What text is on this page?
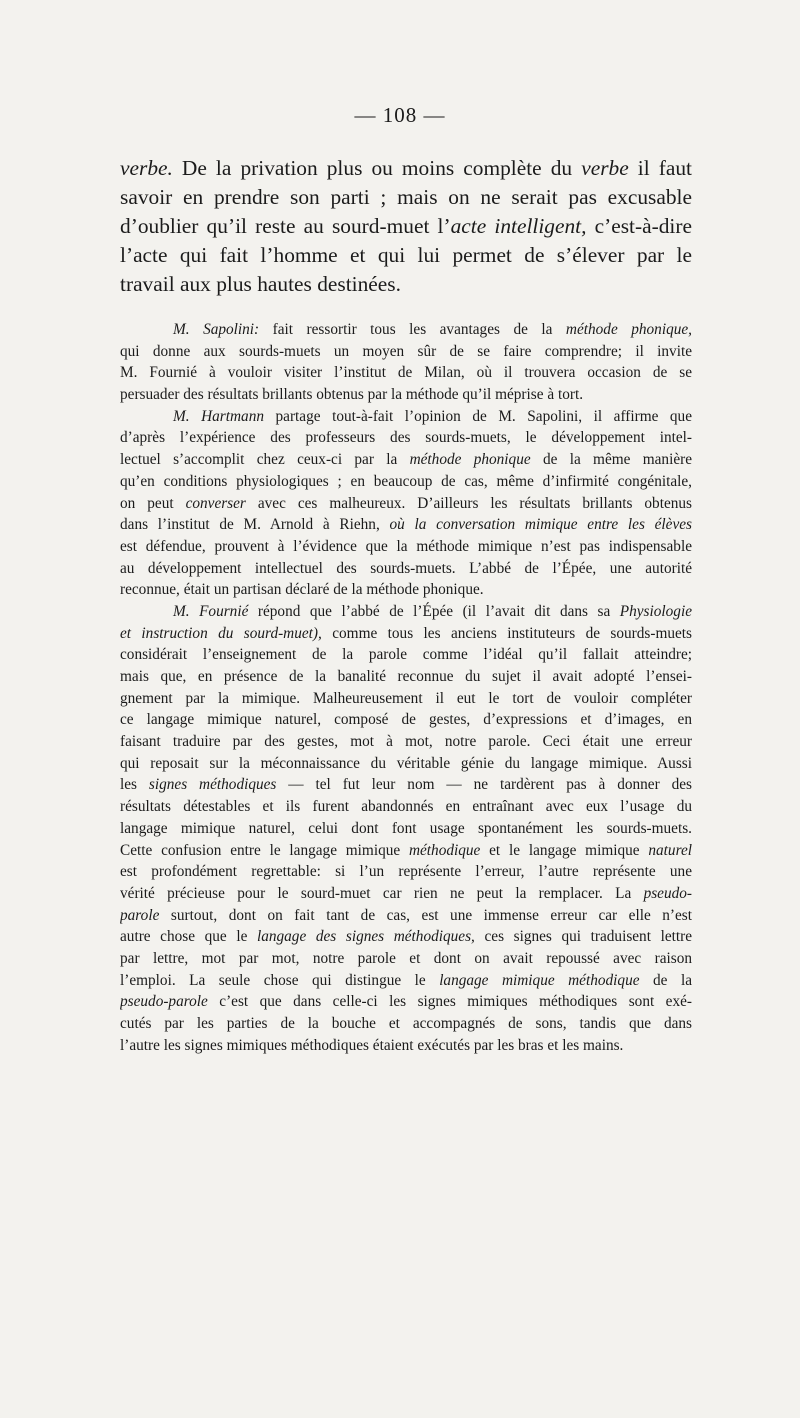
— 108 —

verbe. De la privation plus ou moins complète du verbe il faut
savoir en prendre son parti ; mais on ne serait pas excusable
d’oublier qu’il reste au sourd-muet l’acte intelligent, c’est-à-dire
l’acte qui fait l’homme et qui lui permet de s’élever par le
travail aux plus hautes destinées.

M. Sapolini: fait ressortir tous les avantages de la méthode phonique,
qui donne aux sourds-muets un moyen sûr de se faire comprendre; il invite
M. Fournié à vouloir visiter l’institut de Milan, où il trouvera occasion de se
persuader des résultats brillants obtenus par la méthode qu’il méprise à tort.
M. Hartmann partage tout-à-fait l’opinion de M. Sapolini, il affirme que
d’après l’expérience des professeurs des sourds-muets, le développement intel-
lectuel s’accomplit chez ceux-ci par la méthode phonique de la même manière
qu’en conditions physiologiques ; en beaucoup de cas, même d’infirmité congénitale,
on peut converser avec ces malheureux. D’ailleurs les résultats brillants obtenus
dans l’institut de M. Arnold à Riehn, où la conversation mimique entre les élèves
est défendue, prouvent à l’évidence que la méthode mimique n’est pas indispensable
au développement intellectuel des sourds-muets. L’abbé de l’Épée, une autorité
reconnue, était un partisan déclaré de la méthode phonique.
M. Fournié répond que l’abbé de l’Épée (il l’avait dit dans sa Physiologie
et instruction du sourd-muet), comme tous les anciens instituteurs de sourds-muets
considérait l’enseignement de la parole comme l’idéal qu’il fallait atteindre;
mais que, en présence de la banalité reconnue du sujet il avait adopté l’ensei-
gnement par la mimique. Malheureusement il eut le tort de vouloir compléter
ce langage mimique naturel, composé de gestes, d’expressions et d’images, en
faisant traduire par des gestes, mot à mot, notre parole. Ceci était une erreur
qui reposait sur la méconnaissance du véritable génie du langage mimique. Aussi
les signes méthodiques — tel fut leur nom — ne tardèrent pas à donner des
résultats détestables et ils furent abandonnés en entraînant avec eux l’usage du
langage mimique naturel, celui dont font usage spontanément les sourds-muets.
Cette confusion entre le langage mimique méthodique et le langage mimique naturel
est profondément regrettable: si l’un représente l’erreur, l’autre représente une
vérité précieuse pour le sourd-muet car rien ne peut la remplacer. La pseudo-
parole surtout, dont on fait tant de cas, est une immense erreur car elle n’est
autre chose que le langage des signes méthodiques, ces signes qui traduisent lettre
par lettre, mot par mot, notre parole et dont on avait repoussé avec raison
l’emploi. La seule chose qui distingue le langage mimique méthodique de la
pseudo-parole c’est que dans celle-ci les signes mimiques méthodiques sont exé-
cutés par les parties de la bouche et accompagnés de sons, tandis que dans
l’autre les signes mimiques méthodiques étaient exécutés par les bras et les mains.
